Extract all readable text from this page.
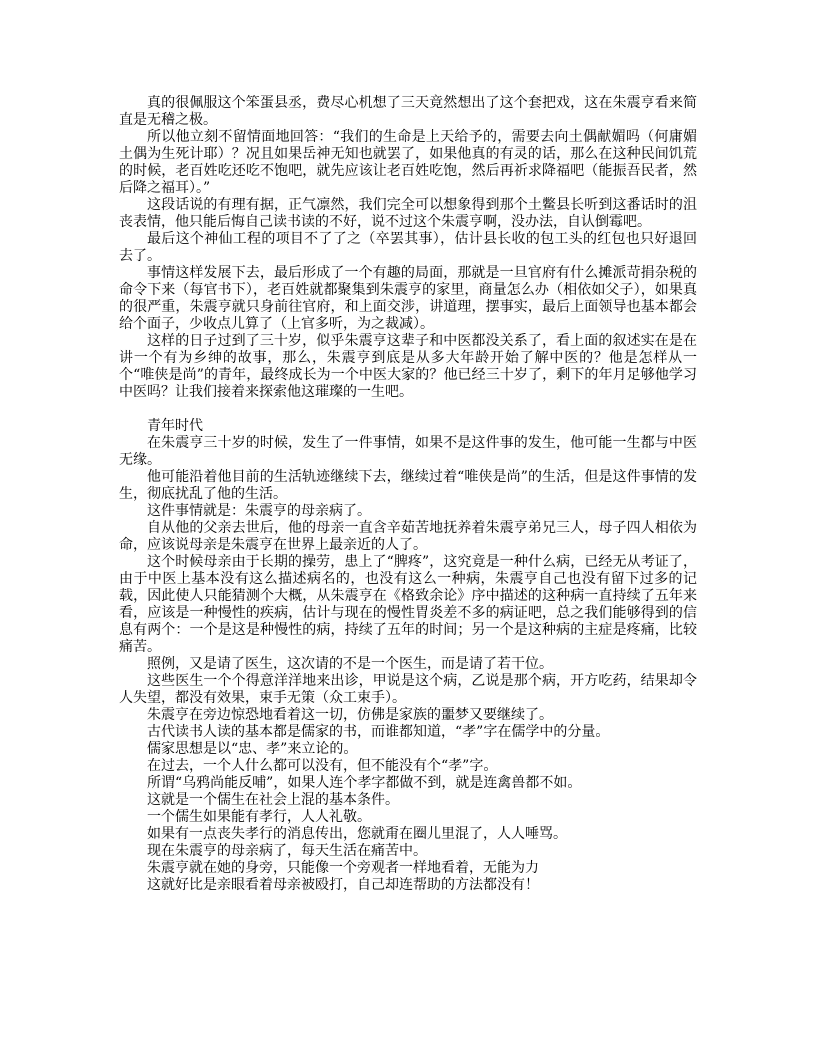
真的很佩服这个笨蛋县丞，费尽心机想了三天竟然想出了这个套把戏，这在朱震亨看来简直是无稽之极。

所以他立刻不留情面地回答：“我们的生命是上天给予的，需要去向土偶献媚吗（何庸媚土偶为生死计耶）？况且如果岳神无知也就罢了，如果他真的有灵的话，那么在这种民间饥荒的时候，老百姓吃还吃不饱吧，就先应该让老百姓吃饱，然后再祈求降福吧（能振吾民者，然后降之福耳）。”

这段话说的有理有据，正气凛然，我们完全可以想象得到那个土鳖县长听到这番话时的沮丧表情，他只能后悔自己读书读的不好，说不过这个朱震亨啊，没办法，自认倒霉吧。

最后这个神仙工程的项目不了了之（卒罢其事），估计县长收的包工头的红包也只好退回去了。

事情这样发展下去，最后形成了一个有趣的局面，那就是一旦官府有什么摊派苛捐杂税的命令下来（每官书下），老百姓就都聚集到朱震亨的家里，商量怎么办（相依如父子），如果真的很严重，朱震亨就只身前往官府，和上面交涉，讲道理，摆事实，最后上面领导也基本都会给个面子，少收点儿算了（上官多听，为之裁减）。

这样的日子过到了三十岁，似乎朱震亨这辈子和中医都没关系了，看上面的叙述实在是在讲一个有为乡绅的故事，那么，朱震亨到底是从多大年龄开始了解中医的？他是怎样从一个“唯侠是尚”的青年，最终成长为一个中医大家的？他已经三十岁了，剩下的年月足够他学习中医吗？让我们接着来探索他这璀璨的一生吧。

青年时代

在朱震亨三十岁的时候，发生了一件事情，如果不是这件事的发生，他可能一生都与中医无缘。

他可能沿着他目前的生活轨迹继续下去，继续过着“唯侠是尚”的生活，但是这件事情的发生，彻底扰乱了他的生活。

这件事情就是：朱震亨的母亲病了。

自从他的父亲去世后，他的母亲一直含辛茹苦地抚养着朱震亨弟兄三人，母子四人相依为命，应该说母亲是朱震亨在世界上最亲近的人了。

这个时候母亲由于长期的操劳，患上了“脾疼”，这究竟是一种什么病，已经无从考证了，由于中医上基本没有这么描述病名的，也没有这么一种病，朱震亨自己也没有留下过多的记载，因此使人只能猜测个大概，从朱震亨在《格致余论》序中描述的这种病一直持续了五年来看，应该是一种慢性的疾病，估计与现在的慢性胃炎差不多的病证吧，总之我们能够得到的信息有两个：一个是这是种慢性的病，持续了五年的时间；另一个是这种病的主症是疼痛，比较痛苦。

照例，又是请了医生，这次请的不是一个医生，而是请了若干位。

这些医生一个个得意洋洋地来出诊，甲说是这个病，乙说是那个病，开方吃药，结果却令人失望，都没有效果，束手无策（众工束手）。

朱震亨在旁边惊恐地看着这一切，仿佛是家族的噩梦又要继续了。

古代读书人读的基本都是儒家的书，而谁都知道，“孝”字在儒学中的分量。

儒家思想是以“忠、孝”来立论的。

在过去，一个人什么都可以没有，但不能没有个“孝”字。

所谓“乌鸦尚能反哺”，如果人连个孝字都做不到，就是连禽兽都不如。

这就是一个儒生在社会上混的基本条件。

一个儒生如果能有孝行，人人礼敬。

如果有一点丧失孝行的消息传出，您就甭在圈儿里混了，人人唾骂。

现在朱震亨的母亲病了，每天生活在痛苦中。

朱震亨就在她的身旁，只能像一个旁观者一样地看着，无能为力

这就好比是亲眼看着母亲被殴打，自己却连帮助的方法都没有！
